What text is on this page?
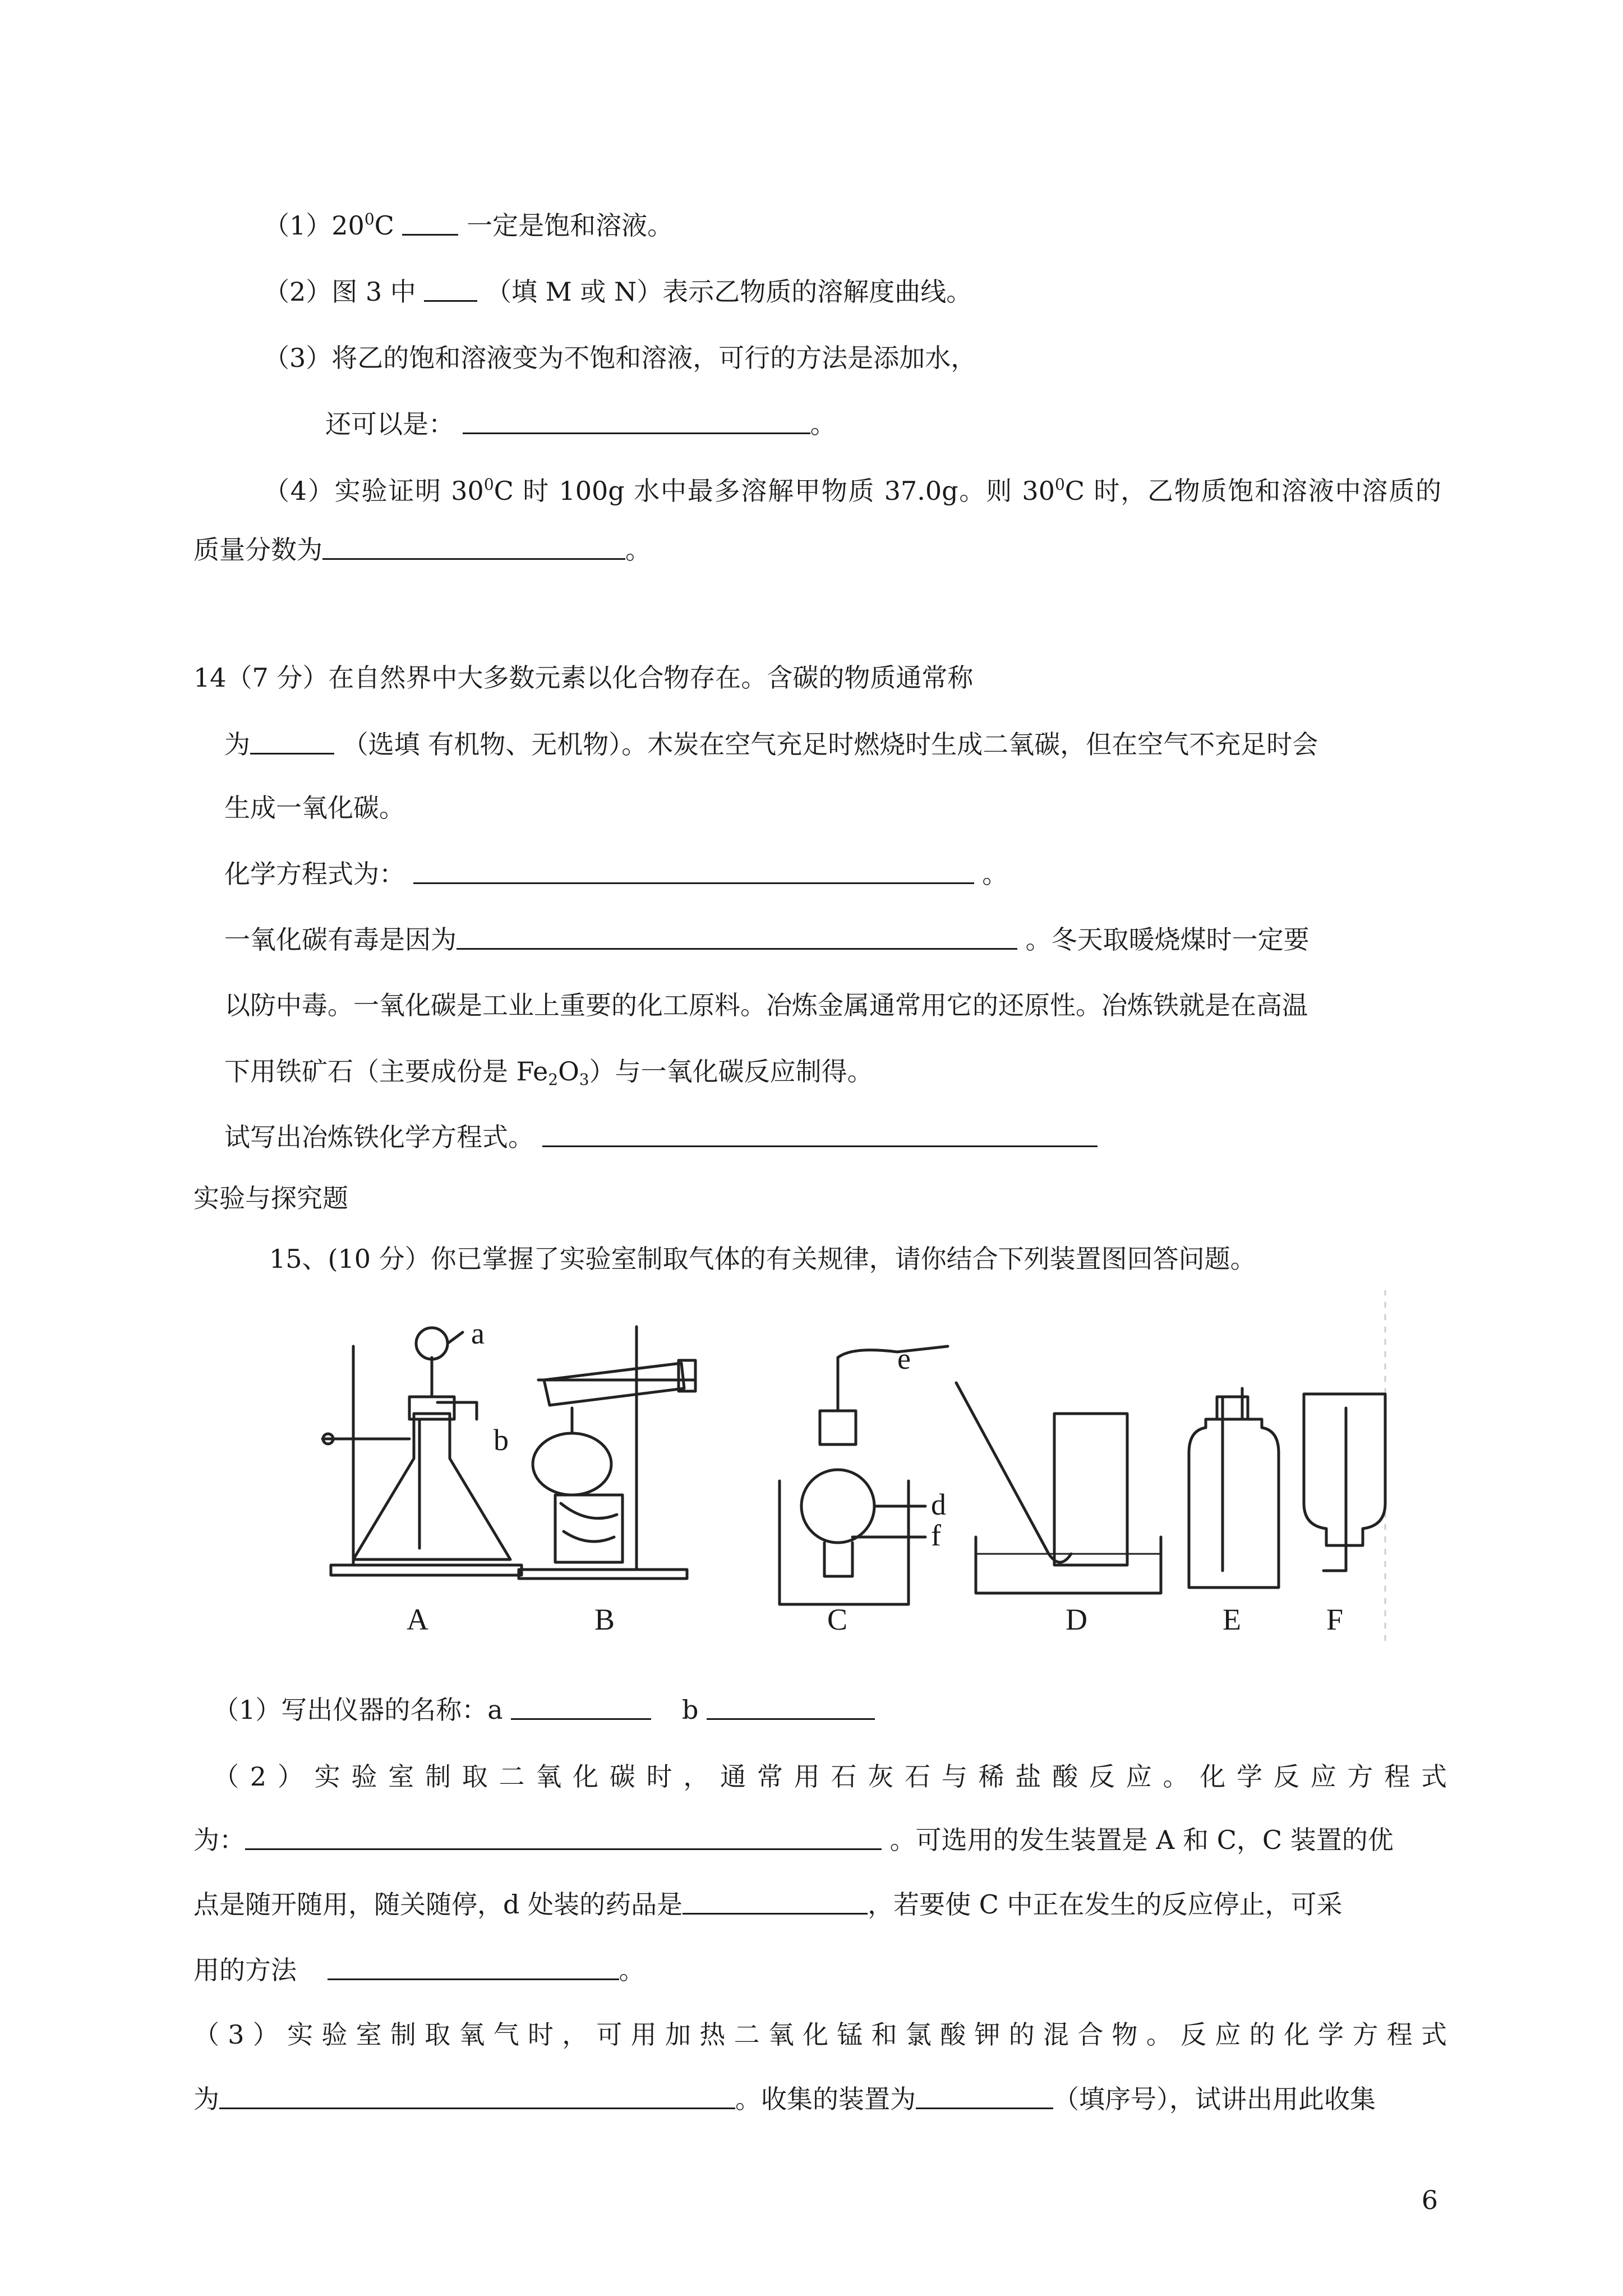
$(1)20^0C$	一定是饱和溶液。
（2）图 3 中	（填 M 或 N）表示乙物质的溶解度曲线。
（3）将乙的饱和溶液变为不饱和溶液，可行的方法是添加水，
还可以是：	。
（4）实验证明 $30^0C$ 时 100g 水中最多溶解甲物质 37.0g。则 $30^0C$ 时，乙物质饱和溶液中溶质的
质量分数为	。
14（7 分）在自然界中大多数元素以化合物存在。含碳的物质通常称
为	（选填 有机物、无机物）。木炭在空气充足时燃烧时生成二氧碳，但在空气不充足时会
生成一氧化碳。
化学方程式为：	。
一氧化碳有毒是因为	。冬天取暖烧煤时一定要
以防中毒。一氧化碳是工业上重要的化工原料。冶炼金属通常用它的还原性。冶炼铁就是在高温
下用铁矿石（主要成份是 $Fe_2O_3$）与一氧化碳反应制得。
试写出冶炼铁化学方程式。
实验与探究题
15、(10 分）你已掌握了实验室制取气体的有关规律，请你结合下列装置图回答问题。
a
b
e
d
f
A	B	C	D	E	F
（1）写出仪器的名称：a	b
（2）实验室制取二氧化碳时，通常用石灰石与稀盐酸反应。化学反应方程式
为：	。可选用的发生装置是 A 和 C，C 装置的优
点是随开随用，随关随停，d 处装的药品是	，若要使 C 中正在发生的反应停止，可采
用的方法	。
（3）实验室制取氧气时，可用加热二氧化锰和氯酸钾的混合物。反应的化学方程式
为	。收集的装置为	（填序号），试讲出用此收集
6
